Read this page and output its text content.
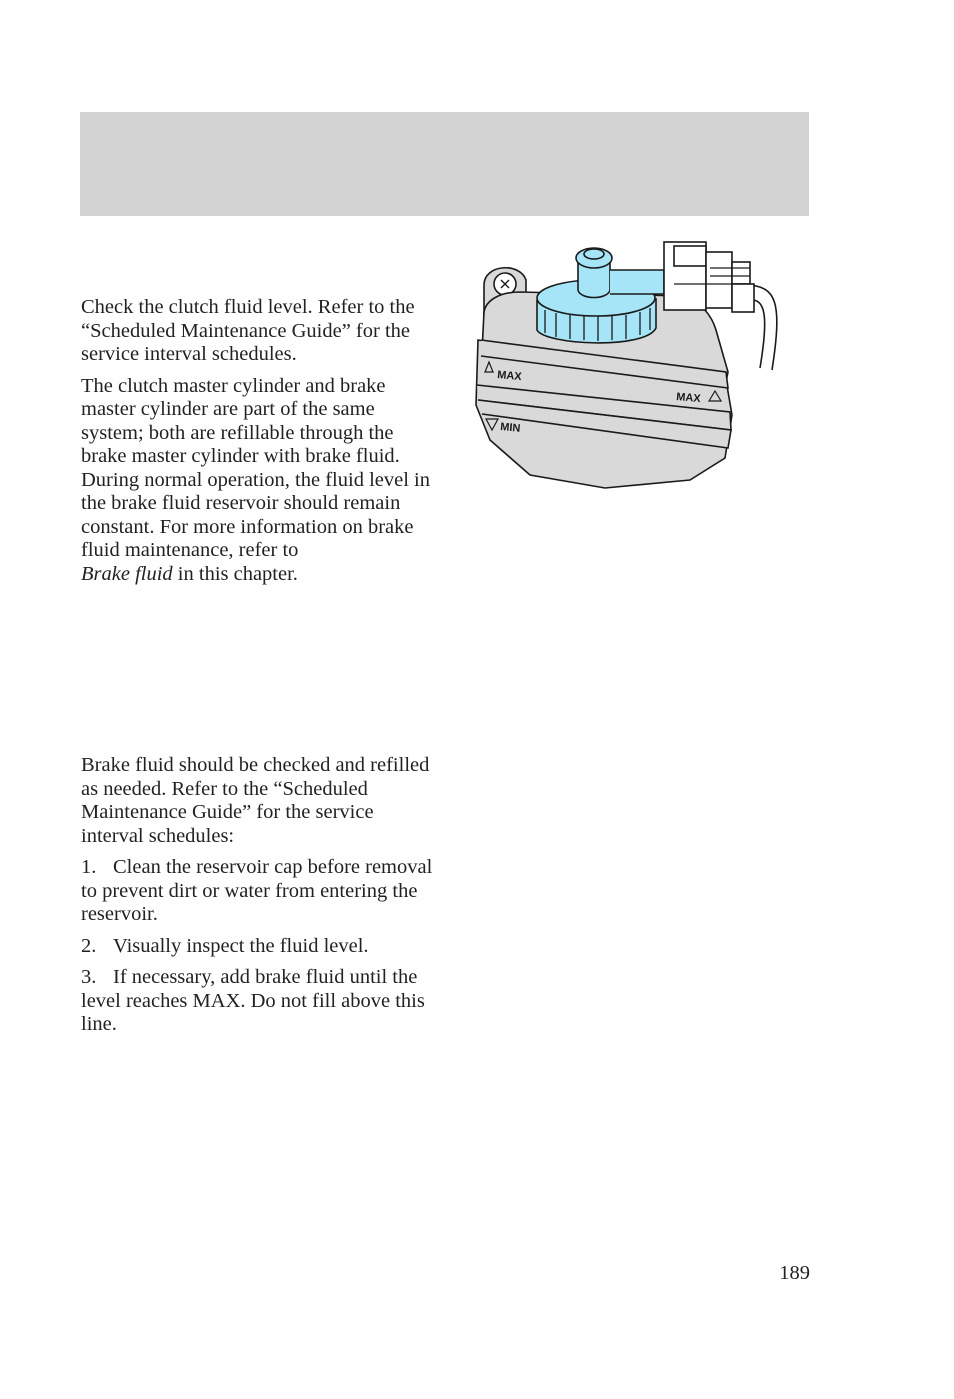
Check the clutch fluid level. Refer to the “Scheduled Maintenance Guide” for the service interval schedules.

The clutch master cylinder and brake master cylinder are part of the same system; both are refillable through the brake master cylinder with brake fluid. During normal operation, the fluid level in the brake fluid reservoir should remain constant. For more information on brake fluid maintenance, refer to
Brake fluid in this chapter.

Brake fluid should be checked and refilled as needed. Refer to the “Scheduled Maintenance Guide” for the service interval schedules:

1. Clean the reservoir cap before removal to prevent dirt or water from entering the reservoir.

2. Visually inspect the fluid level.

3. If necessary, add brake fluid until the level reaches MAX. Do not fill above this line.

MAX
MAX
MIN
189
